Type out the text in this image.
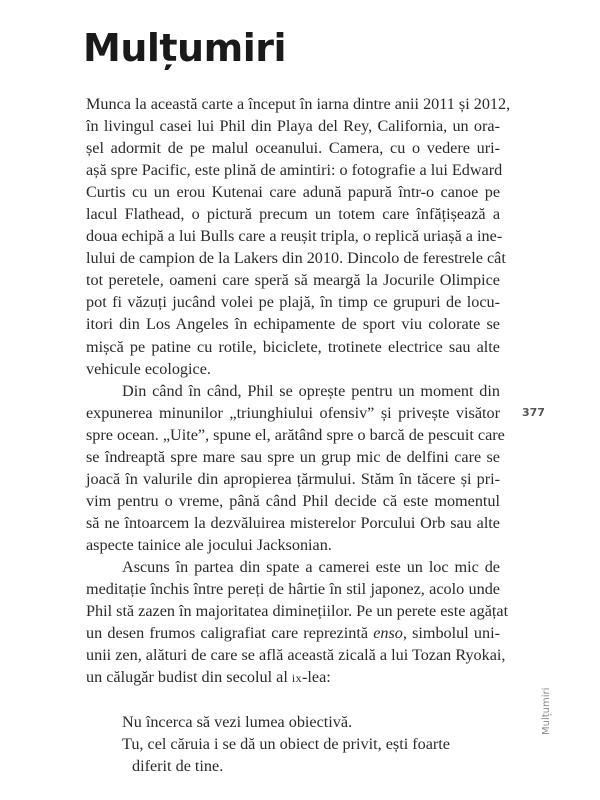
Mulțumiri
Munca la această carte a început în iarna dintre anii 2011 și 2012,
în livingul casei lui Phil din Playa del Rey, California, un ora-
șel adormit de pe malul oceanului. Camera, cu o vedere uri-
așă spre Pacific, este plină de amintiri: o fotografie a lui Edward
Curtis cu un erou Kutenai care adună papură într-o canoe pe
lacul Flathead, o pictură precum un totem care înfățișează a
doua echipă a lui Bulls care a reușit tripla, o replică uriașă a ine-
lului de campion de la Lakers din 2010. Dincolo de ferestrele cât
tot peretele, oameni care speră să meargă la Jocurile Olimpice
pot fi văzuți jucând volei pe plajă, în timp ce grupuri de locu-
itori din Los Angeles în echipamente de sport viu colorate se
mișcă pe patine cu rotile, biciclete, trotinete electrice sau alte
vehicule ecologice.
Din când în când, Phil se oprește pentru un moment din
expunerea minunilor „triunghiului ofensiv” și privește visător
spre ocean. „Uite”, spune el, arătând spre o barcă de pescuit care
se îndreaptă spre mare sau spre un grup mic de delfini care se
joacă în valurile din apropierea țărmului. Stăm în tăcere și pri-
vim pentru o vreme, până când Phil decide că este momentul
să ne întoarcem la dezvăluirea misterelor Porcului Orb sau alte
aspecte tainice ale jocului Jacksonian.
Ascuns în partea din spate a camerei este un loc mic de
meditație închis între pereți de hârtie în stil japonez, acolo unde
Phil stă zazen în majoritatea diminețiilor. Pe un perete este agățat
un desen frumos caligrafiat care reprezintă enso, simbolul uni-
unii zen, alături de care se află această zicală a lui Tozan Ryokai,
un călugăr budist din secolul al ix-lea:
Nu încerca să vezi lumea obiectivă.
Tu, cel căruia i se dă un obiect de privit, ești foarte
diferit de tine.
377
Mulțumiri
